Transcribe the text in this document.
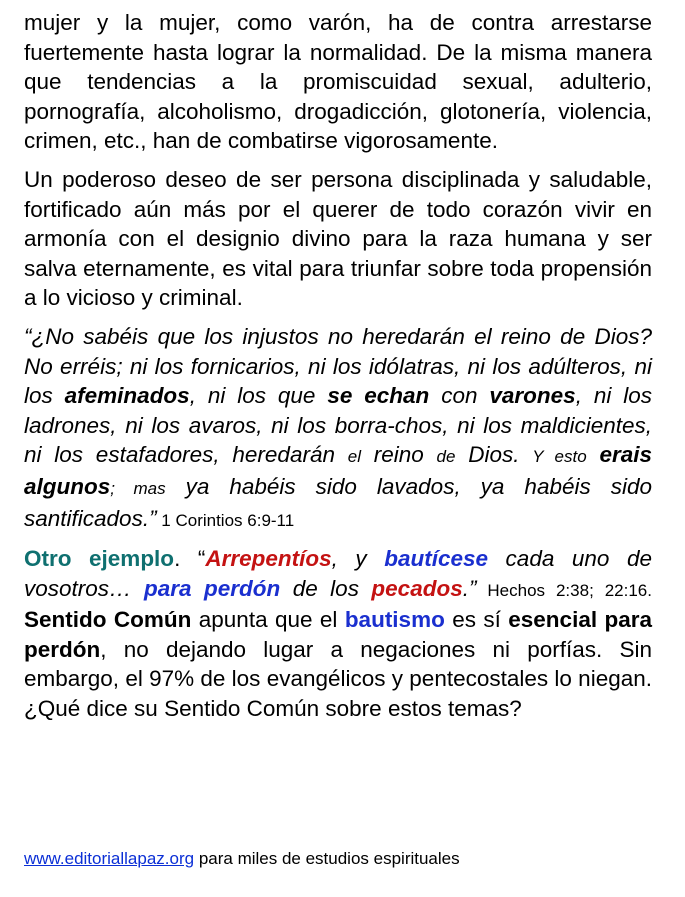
mujer y la mujer, como varón, ha de contra arrestarse fuertemente hasta lograr la normalidad. De la misma manera que tendencias a la promiscuidad sexual, adulterio, pornografía, alcoholismo, drogadicción, glotonería, violencia, crimen, etc., han de combatirse vigorosamente.

Un poderoso deseo de ser persona disciplinada y saludable, fortificado aún más por el querer de todo corazón vivir en armonía con el designio divino para la raza humana y ser salva eternamente, es vital para triunfar sobre toda propensión a lo vicioso y criminal.

“¿No sabéis que los injustos no heredarán el reino de Dios? No erréis; ni los fornicarios, ni los idólatras, ni los adúlteros, ni los afeminados, ni los que se echan con varones, ni los ladrones, ni los avaros, ni los borra-chos, ni los maldicientes, ni los estafadores, heredarán el reino de Dios. Y esto erais algunos; mas ya habéis sido lavados, ya habéis sido santificados.” 1 Corintios 6:9-11

Otro ejemplo. “Arrepentíos, y bautícese cada uno de vosotros… para perdón de los pecados.” Hechos 2:38; 22:16. Sentido Común apunta que el bautismo es sí esencial para perdón, no dejando lugar a negaciones ni porfías. Sin embargo, el 97% de los evangélicos y pentecostales lo niegan. ¿Qué dice su Sentido Común sobre estos temas?

www.editoriallapaz.org para miles de estudios espirituales
